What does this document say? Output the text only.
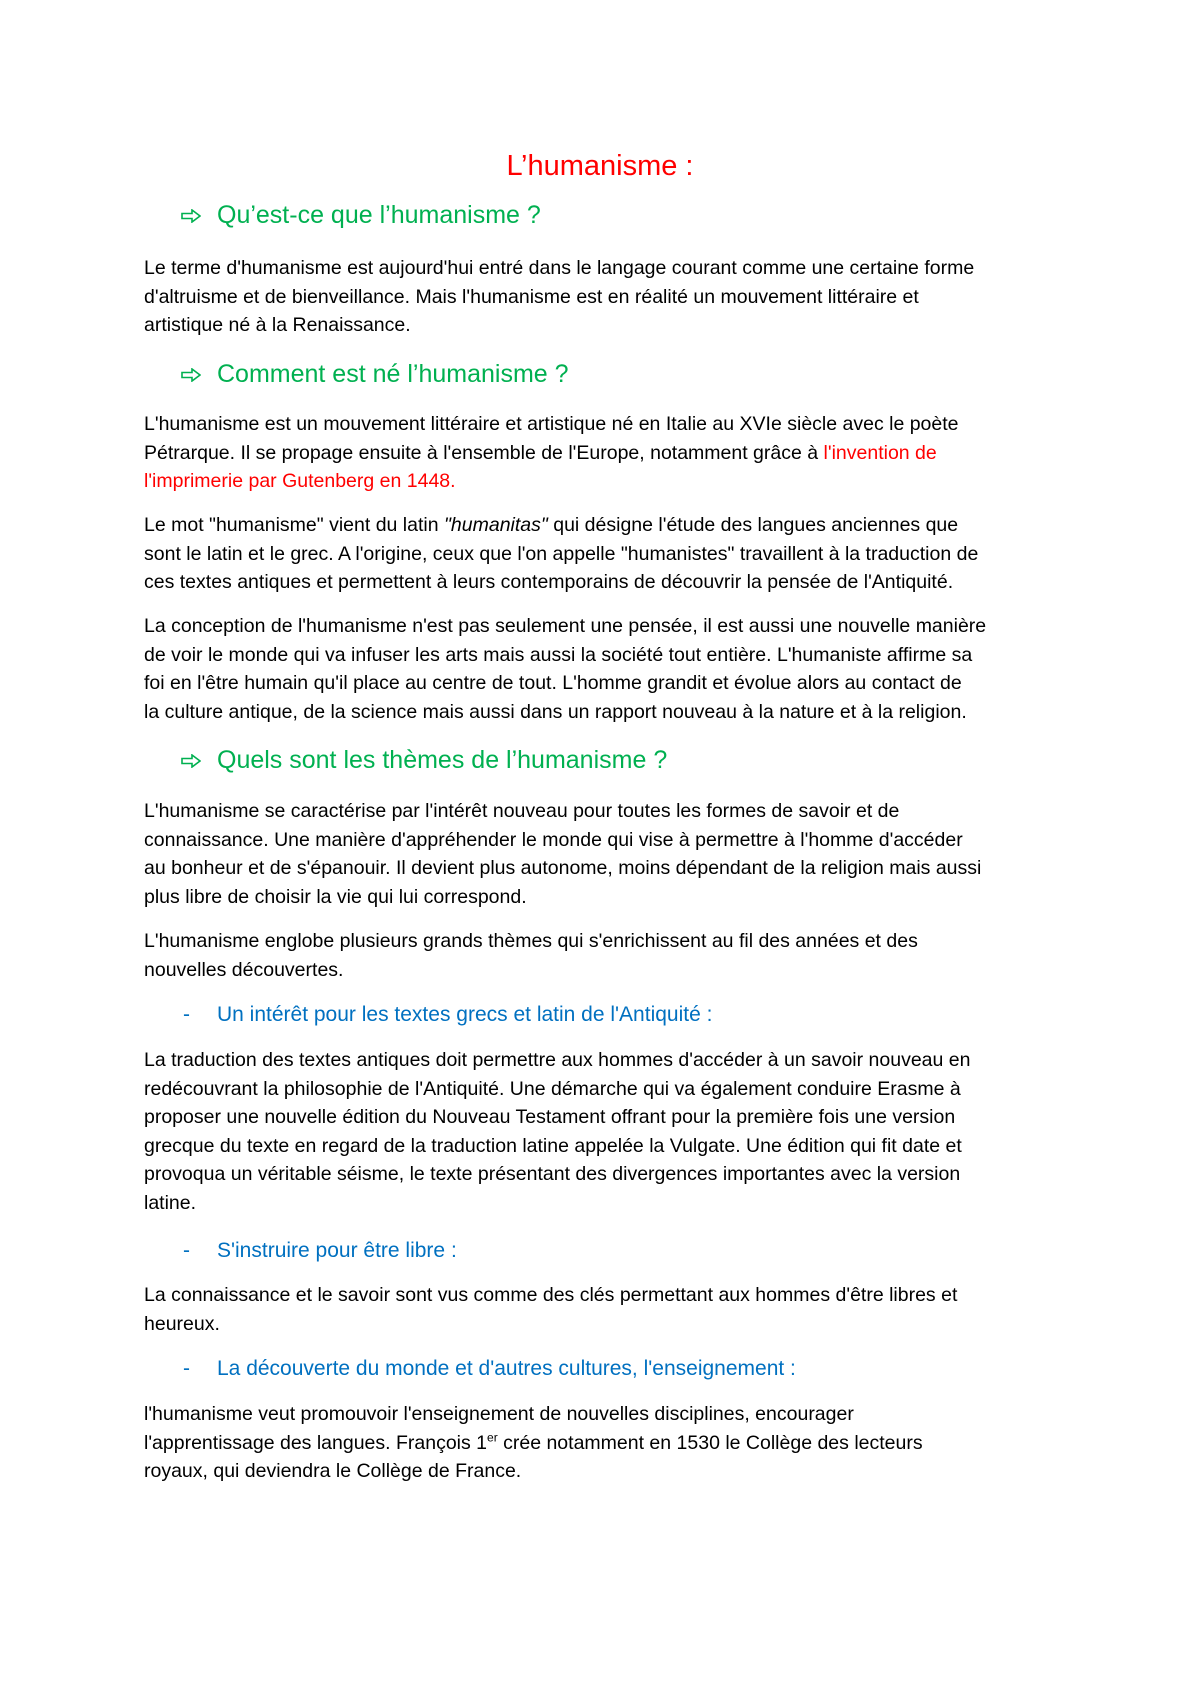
L’humanisme :
Qu’est-ce que l’humanisme ?
Le terme d'humanisme est aujourd'hui entré dans le langage courant comme une certaine forme
d'altruisme et de bienveillance. Mais l'humanisme est en réalité un mouvement littéraire et
artistique né à la Renaissance.
Comment est né l’humanisme ?
L'humanisme est un mouvement littéraire et artistique né en Italie au XVIe siècle avec le poète
Pétrarque. Il se propage ensuite à l'ensemble de l'Europe, notamment grâce à l'invention de
l'imprimerie par Gutenberg en 1448.
Le mot "humanisme" vient du latin "humanitas" qui désigne l'étude des langues anciennes que
sont le latin et le grec. A l'origine, ceux que l'on appelle "humanistes" travaillent à la traduction de
ces textes antiques et permettent à leurs contemporains de découvrir la pensée de l'Antiquité.
La conception de l'humanisme n'est pas seulement une pensée, il est aussi une nouvelle manière
de voir le monde qui va infuser les arts mais aussi la société tout entière. L'humaniste affirme sa
foi en l'être humain qu'il place au centre de tout. L'homme grandit et évolue alors au contact de
la culture antique, de la science mais aussi dans un rapport nouveau à la nature et à la religion.
Quels sont les thèmes de l’humanisme ?
L'humanisme se caractérise par l'intérêt nouveau pour toutes les formes de savoir et de
connaissance. Une manière d'appréhender le monde qui vise à permettre à l'homme d'accéder
au bonheur et de s'épanouir. Il devient plus autonome, moins dépendant de la religion mais aussi
plus libre de choisir la vie qui lui correspond.
L'humanisme englobe plusieurs grands thèmes qui s'enrichissent au fil des années et des
nouvelles découvertes.
- Un intérêt pour les textes grecs et latin de l'Antiquité :
La traduction des textes antiques doit permettre aux hommes d'accéder à un savoir nouveau en
redécouvrant la philosophie de l'Antiquité. Une démarche qui va également conduire Erasme à
proposer une nouvelle édition du Nouveau Testament offrant pour la première fois une version
grecque du texte en regard de la traduction latine appelée la Vulgate. Une édition qui fit date et
provoqua un véritable séisme, le texte présentant des divergences importantes avec la version
latine.
- S'instruire pour être libre :
La connaissance et le savoir sont vus comme des clés permettant aux hommes d'être libres et
heureux.
- La découverte du monde et d'autres cultures, l'enseignement :
l'humanisme veut promouvoir l'enseignement de nouvelles disciplines, encourager
l'apprentissage des langues. François 1er crée notamment en 1530 le Collège des lecteurs
royaux, qui deviendra le Collège de France.
